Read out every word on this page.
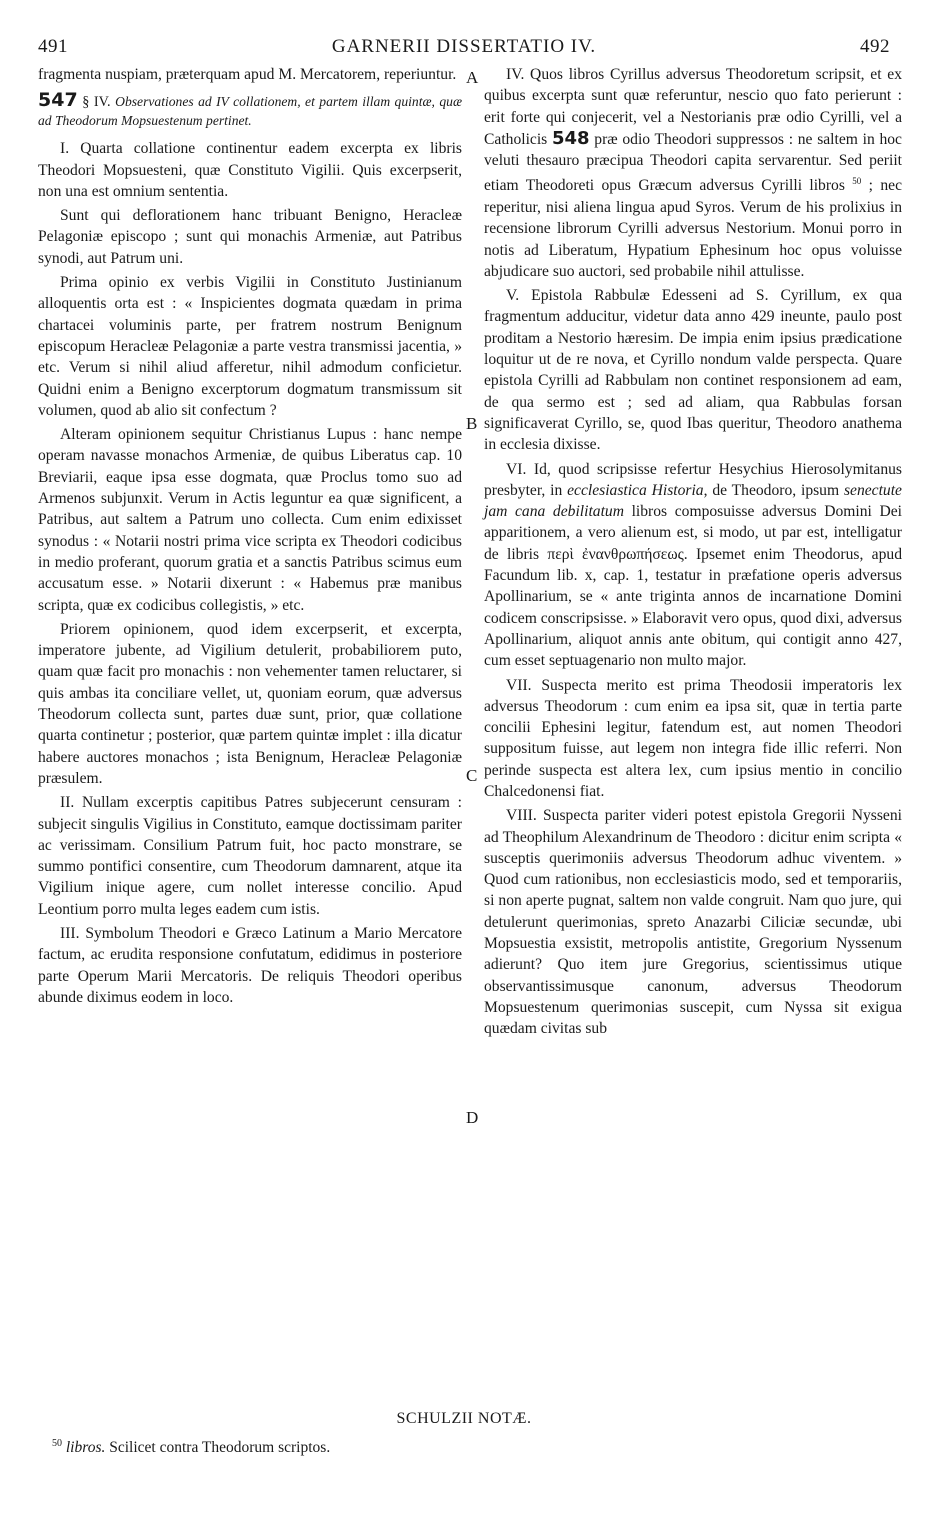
491	GARNERII DISSERTATIO IV.	492

fragmenta nuspiam, præterquam apud M. Mercatorem, reperiuntur.

547 § IV. Observationes ad IV collationem, et partem illam quintæ, quæ ad Theodorum Mopsuestenum pertinet.

I. Quarta collatione continentur eadem excerpta ex libris Theodori Mopsuesteni, quæ Constituto Vigilii. Quis excerpserit, non una est omnium sententia.

Sunt qui deflorationem hanc tribuant Benigno, Heracleæ Pelagoniæ episcopo ; sunt qui monachis Armeniæ, aut Patribus synodi, aut Patrum uni.

Prima opinio ex verbis Vigilii in Constituto Justinianum alloquentis orta est : « Inspicientes dogmata quædam in prima chartacei voluminis parte, per fratrem nostrum Benignum episcopum Heracleæ Pelagoniæ a parte vestra transmissi jacentia, » etc. Verum si nihil aliud afferetur, nihil admodum conficietur. Quidni enim a Benigno excerptorum dogmatum transmissum sit volumen, quod ab alio sit confectum ?

Alteram opinionem sequitur Christianus Lupus : hanc nempe operam navasse monachos Armeniæ, de quibus Liberatus cap. 10 Breviarii, eaque ipsa esse dogmata, quæ Proclus tomo suo ad Armenos subjunxit. Verum in Actis leguntur ea quæ significent, a Patribus, aut saltem a Patrum uno collecta. Cum enim edixisset synodus : « Notarii nostri prima vice scripta ex Theodori codicibus in medio proferant, quorum gratia et a sanctis Patribus scimus eum accusatum esse. » Notarii dixerunt : « Habemus præ manibus scripta, quæ ex codicibus collegistis, » etc.

Priorem opinionem, quod idem excerpserit, et excerpta, imperatore jubente, ad Vigilium detulerit, probabiliorem puto, quam quæ facit pro monachis : non vehementer tamen reluctarer, si quis ambas ita conciliare vellet, ut, quoniam eorum, quæ adversus Theodorum collecta sunt, partes duæ sunt, prior, quæ collatione quarta continetur ; posterior, quæ partem quintæ implet : illa dicatur habere auctores monachos ; ista Benignum, Heracleæ Pelagoniæ præsulem.

II. Nullam excerptis capitibus Patres subjecerunt censuram : subjecit singulis Vigilius in Constituto, eamque doctissimam pariter ac verissimam. Consilium Patrum fuit, hoc pacto monstrare, se summo pontifici consentire, cum Theodorum damnarent, atque ita Vigilium inique agere, cum nollet interesse concilio. Apud Leontium porro multa leges eadem cum istis.

III. Symbolum Theodori e Græco Latinum a Mario Mercatore factum, ac erudita responsione confutatum, edidimus in posteriore parte Operum Marii Mercatoris. De reliquis Theodori operibus abunde diximus eodem in loco.

A
B
C
D

IV. Quos libros Cyrillus adversus Theodoretum scripsit, et ex quibus excerpta sunt quæ referuntur, nescio quo fato perierunt : erit forte qui conjecerit, vel a Nestorianis præ odio Cyrilli, vel a Catholicis 548 præ odio Theodori suppressos : ne saltem in hoc veluti thesauro præcipua Theodori capita servarentur. Sed periit etiam Theodoreti opus Græcum adversus Cyrilli libros $^{50}$ ; nec reperitur, nisi aliena lingua apud Syros. Verum de his prolixius in recensione librorum Cyrilli adversus Nestorium. Monui porro in notis ad Liberatum, Hypatium Ephesinum hoc opus voluisse abjudicare suo auctori, sed probabile nihil attulisse.

V. Epistola Rabbulæ Edesseni ad S. Cyrillum, ex qua fragmentum adducitur, videtur data anno 429 ineunte, paulo post proditam a Nestorio hæresim. De impia enim ipsius prædicatione loquitur ut de re nova, et Cyrillo nondum valde perspecta. Quare epistola Cyrilli ad Rabbulam non continet responsionem ad eam, de qua sermo est ; sed ad aliam, qua Rabbulas forsan significaverat Cyrillo, se, quod Ibas queritur, Theodoro anathema in ecclesia dixisse.

VI. Id, quod scripsisse refertur Hesychius Hierosolymitanus presbyter, in ecclesiastica Historia, de Theodoro, ipsum senectute jam cana debilitatum libros composuisse adversus Domini Dei apparitionem, a vero alienum est, si modo, ut par est, intelligatur de libris περὶ ἐνανθρωπήσεως. Ipsemet enim Theodorus, apud Facundum lib. x, cap. 1, testatur in præfatione operis adversus Apollinarium, se « ante triginta annos de incarnatione Domini codicem conscripsisse. » Elaboravit vero opus, quod dixi, adversus Apollinarium, aliquot annis ante obitum, qui contigit anno 427, cum esset septuagenario non multo major.

VII. Suspecta merito est prima Theodosii imperatoris lex adversus Theodorum : cum enim ea ipsa sit, quæ in tertia parte concilii Ephesini legitur, fatendum est, aut nomen Theodori suppositum fuisse, aut legem non integra fide illic referri. Non perinde suspecta est altera lex, cum ipsius mentio in concilio Chalcedonensi fiat.

VIII. Suspecta pariter videri potest epistola Gregorii Nysseni ad Theophilum Alexandrinum de Theodoro : dicitur enim scripta « susceptis querimoniis adversus Theodorum adhuc viventem. » Quod cum rationibus, non ecclesiasticis modo, sed et temporariis, si non aperte pugnat, saltem non valde congruit. Nam quo jure, qui detulerunt querimonias, spreto Anazarbi Ciliciæ secundæ, ubi Mopsuestia exsistit, metropolis antistite, Gregorium Nyssenum adierunt? Quo item jure Gregorius, scientissimus utique observantissimusque canonum, adversus Theodorum Mopsuestenum querimonias suscepit, cum Nyssa sit exigua quædam civitas sub

SCHULZII NOTÆ.
$^{50}$ libros. Scilicet contra Theodorum scriptos.
